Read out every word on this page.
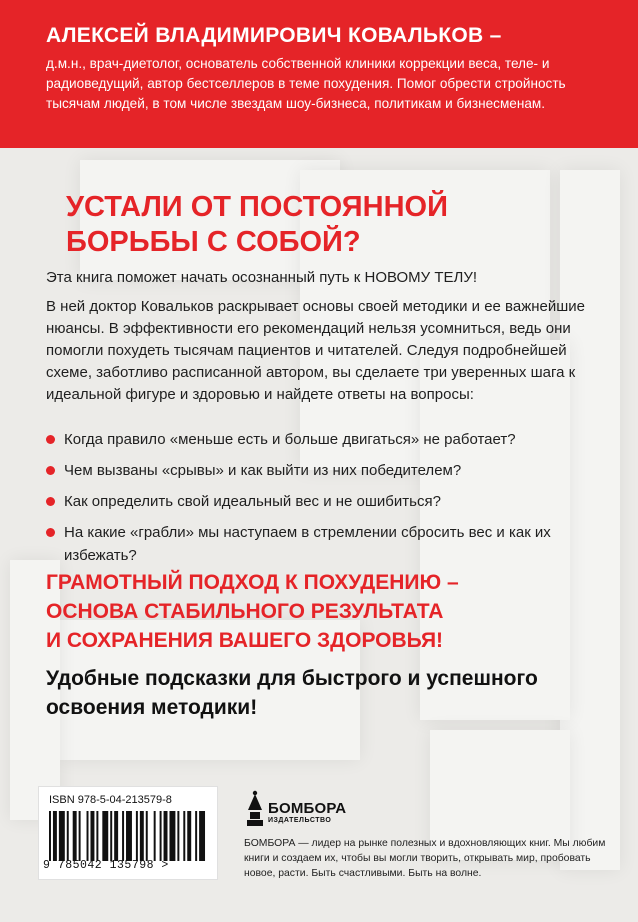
АЛЕКСЕЙ ВЛАДИМИРОВИЧ КОВАЛЬКОВ –
д.м.н., врач-диетолог, основатель собственной клиники коррекции веса, теле- и радиоведущий, автор бестселлеров в теме похудения. Помог обрести стройность тысячам людей, в том числе звездам шоу-бизнеса, политикам и бизнесменам.
УСТАЛИ ОТ ПОСТОЯННОЙ
БОРЬБЫ С СОБОЙ?
Эта книга поможет начать осознанный путь к НОВОМУ ТЕЛУ!
В ней доктор Ковальков раскрывает основы своей методики и ее важнейшие нюансы. В эффективности его рекомендаций нельзя усомниться, ведь они помогли похудеть тысячам пациентов и читателей. Следуя подробнейшей схеме, заботливо расписанной автором, вы сделаете три уверенных шага к идеальной фигуре и здоровью и найдете ответы на вопросы:
Когда правило «меньше есть и больше двигаться» не работает?
Чем вызваны «срывы» и как выйти из них победителем?
Как определить свой идеальный вес и не ошибиться?
На какие «грабли» мы наступаем в стремлении сбросить вес и как их избежать?
ГРАМОТНЫЙ ПОДХОД К ПОХУДЕНИЮ –
ОСНОВА СТАБИЛЬНОГО РЕЗУЛЬТАТА
И СОХРАНЕНИЯ ВАШЕГО ЗДОРОВЬЯ!
Удобные подсказки для быстрого и успешного освоения методики!
ISBN 978-5-04-213579-8
9 785042 135798 >
БОМБОРА
ИЗДАТЕЛЬСТВО
БОМБОРА — лидер на рынке полезных и вдохновляющих книг. Мы любим книги и создаем их, чтобы вы могли творить, открывать мир, пробовать новое, расти. Быть счастливыми. Быть на волне.
